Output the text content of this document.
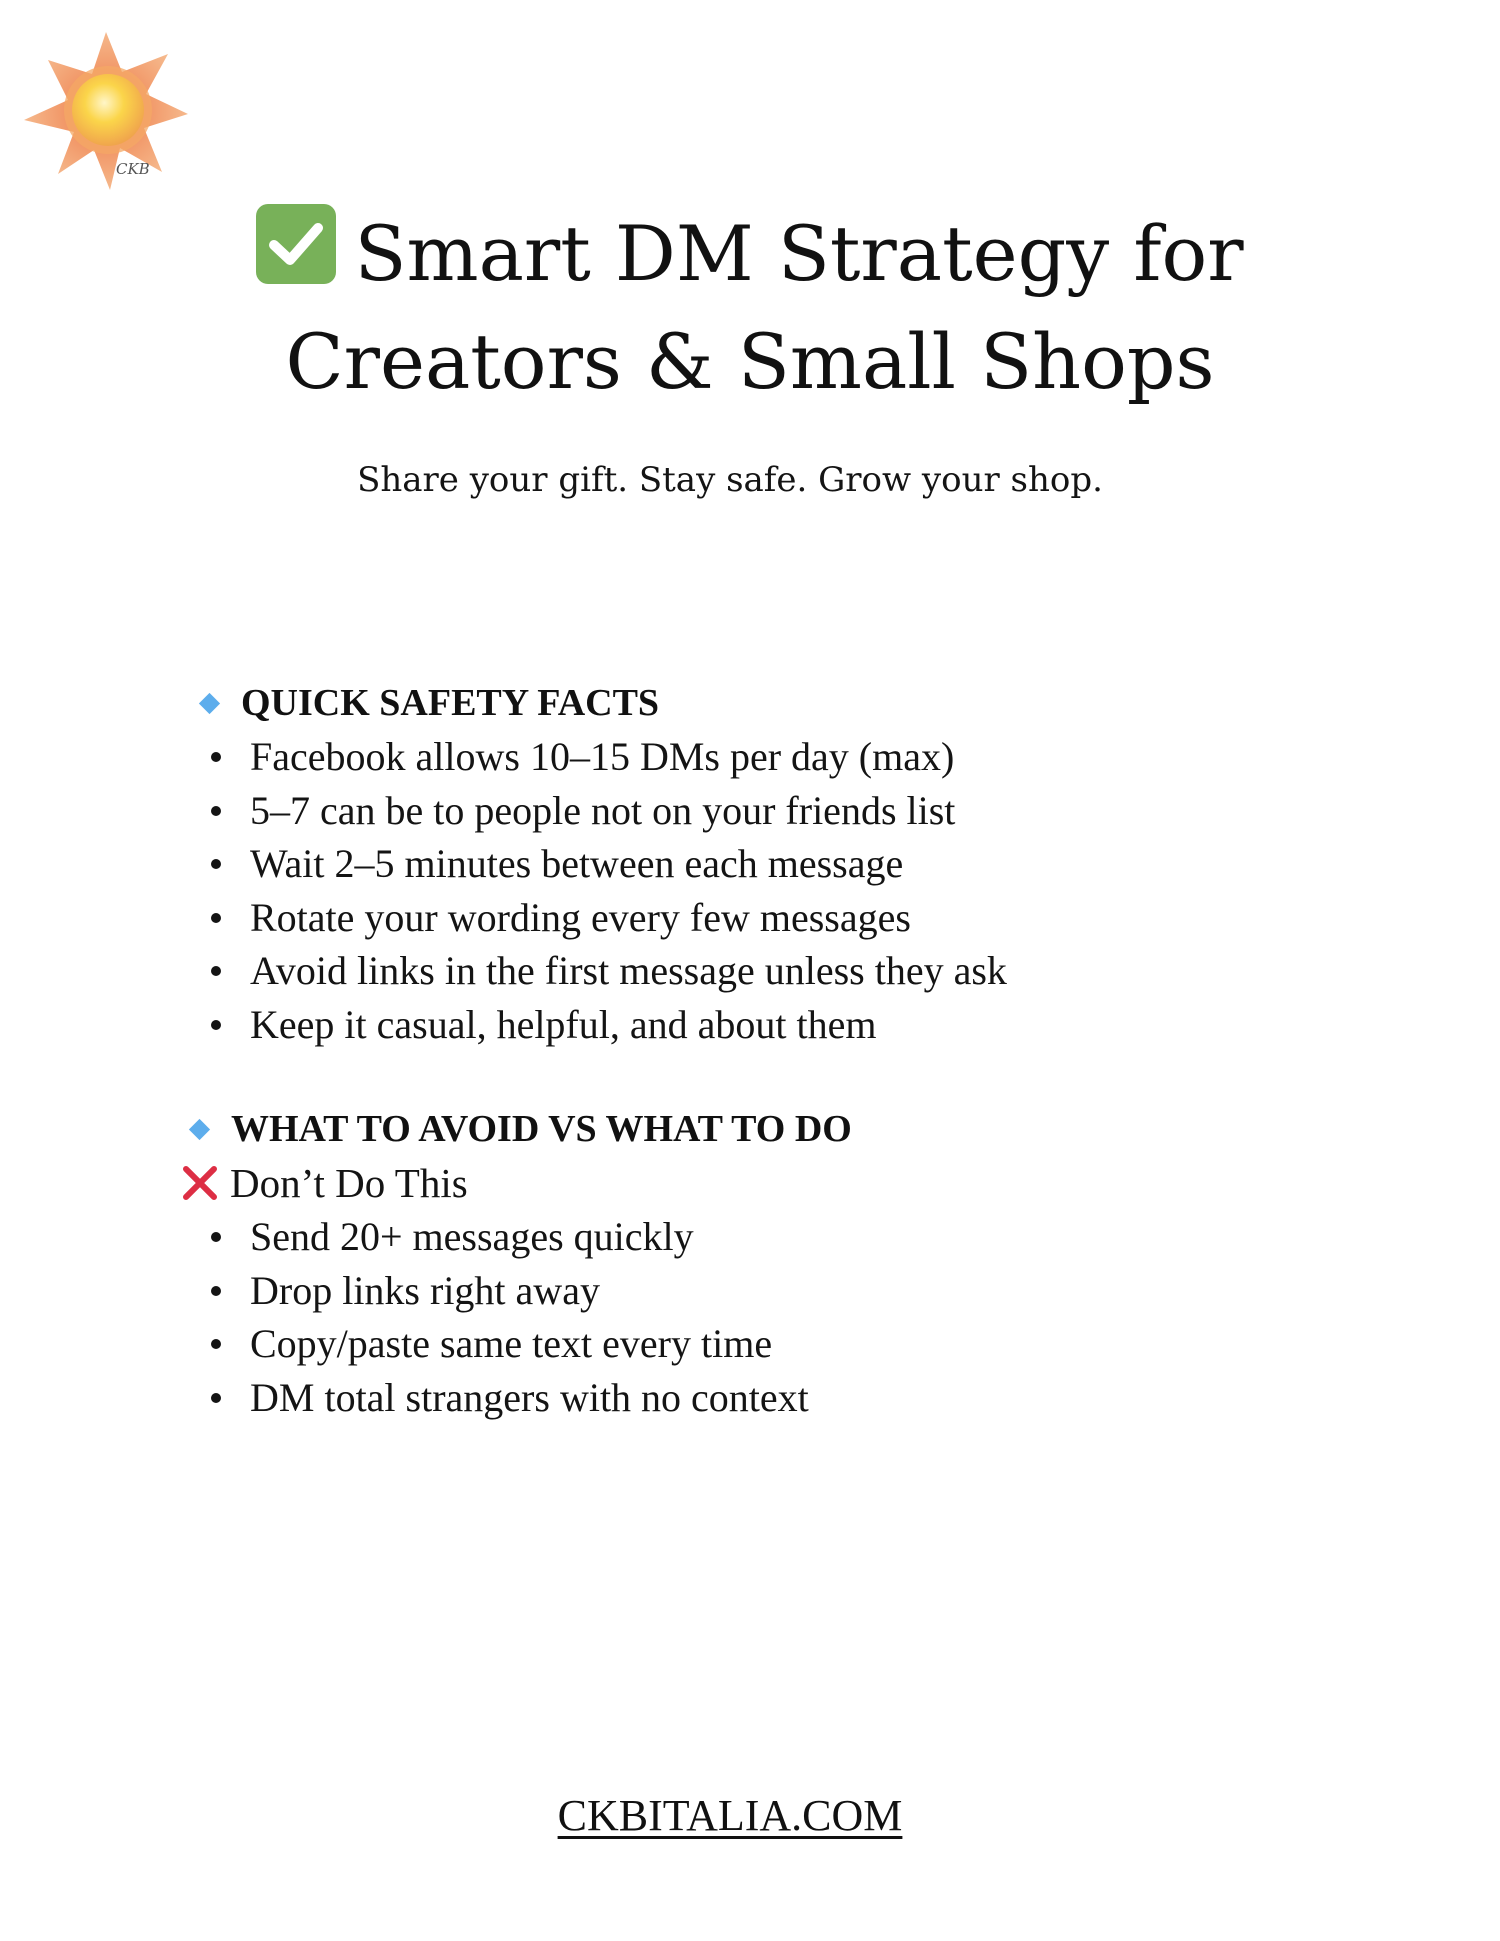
CKB
Smart DM Strategy for
Creators & Small Shops
Share your gift. Stay safe. Grow your shop.
QUICK SAFETY FACTS
Facebook allows 10–15 DMs per day (max)
5–7 can be to people not on your friends list
Wait 2–5 minutes between each message
Rotate your wording every few messages
Avoid links in the first message unless they ask
Keep it casual, helpful, and about them
WHAT TO AVOID VS WHAT TO DO
Don’t Do This
Send 20+ messages quickly
Drop links right away
Copy/paste same text every time
DM total strangers with no context
CKBITALIA.COM
